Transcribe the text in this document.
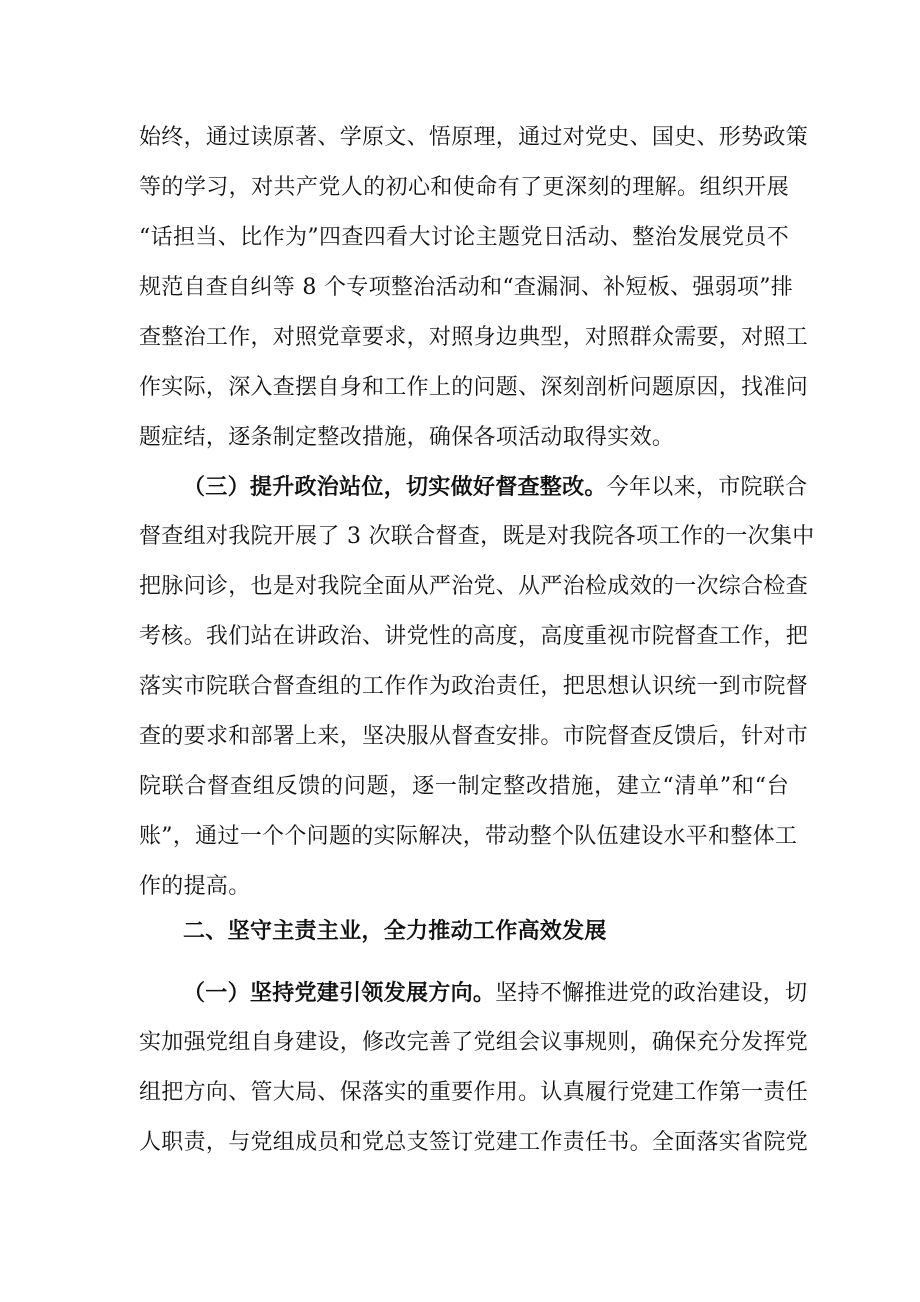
始终，通过读原著、学原文、悟原理，通过对党史、国史、形势政策
等的学习，对共产党人的初心和使命有了更深刻的理解。组织开展
“话担当、比作为”四查四看大讨论主题党日活动、整治发展党员不
规范自查自纠等 8 个专项整治活动和“查漏洞、补短板、强弱项”排
查整治工作，对照党章要求，对照身边典型，对照群众需要，对照工
作实际，深入查摆自身和工作上的问题、深刻剖析问题原因，找准问
题症结，逐条制定整改措施，确保各项活动取得实效。
（三）提升政治站位，切实做好督查整改。今年以来，市院联合
督查组对我院开展了 3 次联合督查，既是对我院各项工作的一次集中
把脉问诊，也是对我院全面从严治党、从严治检成效的一次综合检查
考核。我们站在讲政治、讲党性的高度，高度重视市院督查工作，把
落实市院联合督查组的工作作为政治责任，把思想认识统一到市院督
查的要求和部署上来，坚决服从督查安排。市院督查反馈后，针对市
院联合督查组反馈的问题，逐一制定整改措施，建立“清单”和“台
账”，通过一个个问题的实际解决，带动整个队伍建设水平和整体工
作的提高。
二、坚守主责主业，全力推动工作高效发展
（一）坚持党建引领发展方向。坚持不懈推进党的政治建设，切
实加强党组自身建设，修改完善了党组会议事规则，确保充分发挥党
组把方向、管大局、保落实的重要作用。认真履行党建工作第一责任
人职责，与党组成员和党总支签订党建工作责任书。全面落实省院党
